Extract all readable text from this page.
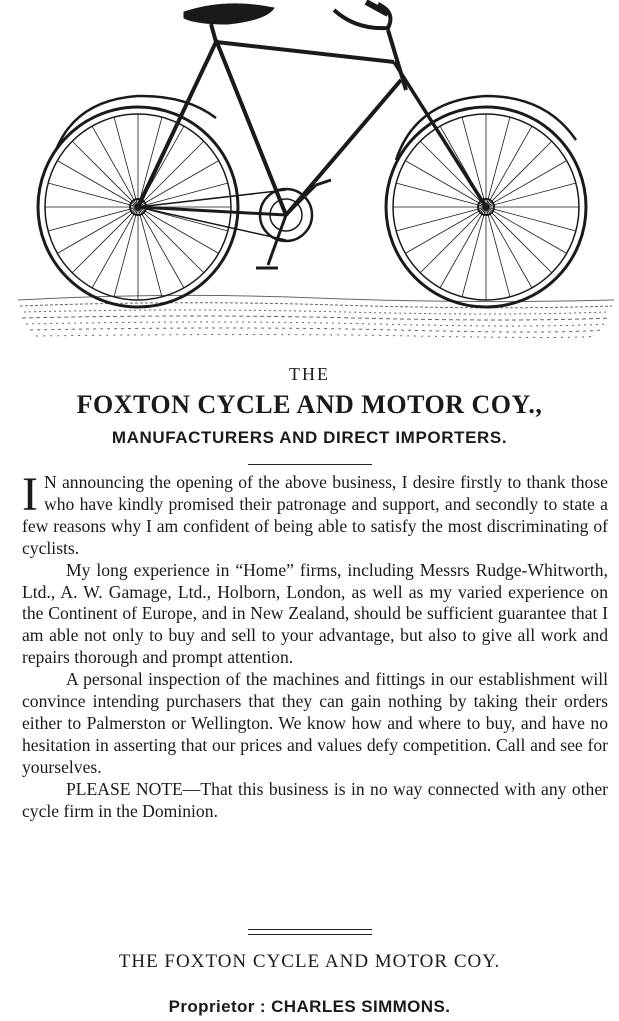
THE
FOXTON CYCLE AND MOTOR COY.,
MANUFACTURERS AND DIRECT IMPORTERS.

I N announcing the opening of the above business, I desire firstly to thank those who have kindly promised their patronage and support, and secondly to state a few reasons why I am confident of being able to satisfy the most discriminating of cyclists.

My long experience in “Home” firms, including Messrs Rudge-Whitworth, Ltd., A. W. Gamage, Ltd., Holborn, London, as well as my varied experience on the Continent of Europe, and in New Zealand, should be sufficient guarantee that I am able not only to buy and sell to your advantage, but also to give all work and repairs thorough and prompt attention.

A personal inspection of the machines and fittings in our establishment will convince intending purchasers that they can gain nothing by taking their orders either to Palmerston or Wellington. We know how and where to buy, and have no hesitation in asserting that our prices and values defy competition. Call and see for yourselves.

PLEASE NOTE—That this business is in no way connected with any other cycle firm in the Dominion.

THE FOXTON CYCLE AND MOTOR COY.
Proprietor : CHARLES SIMMONS.
